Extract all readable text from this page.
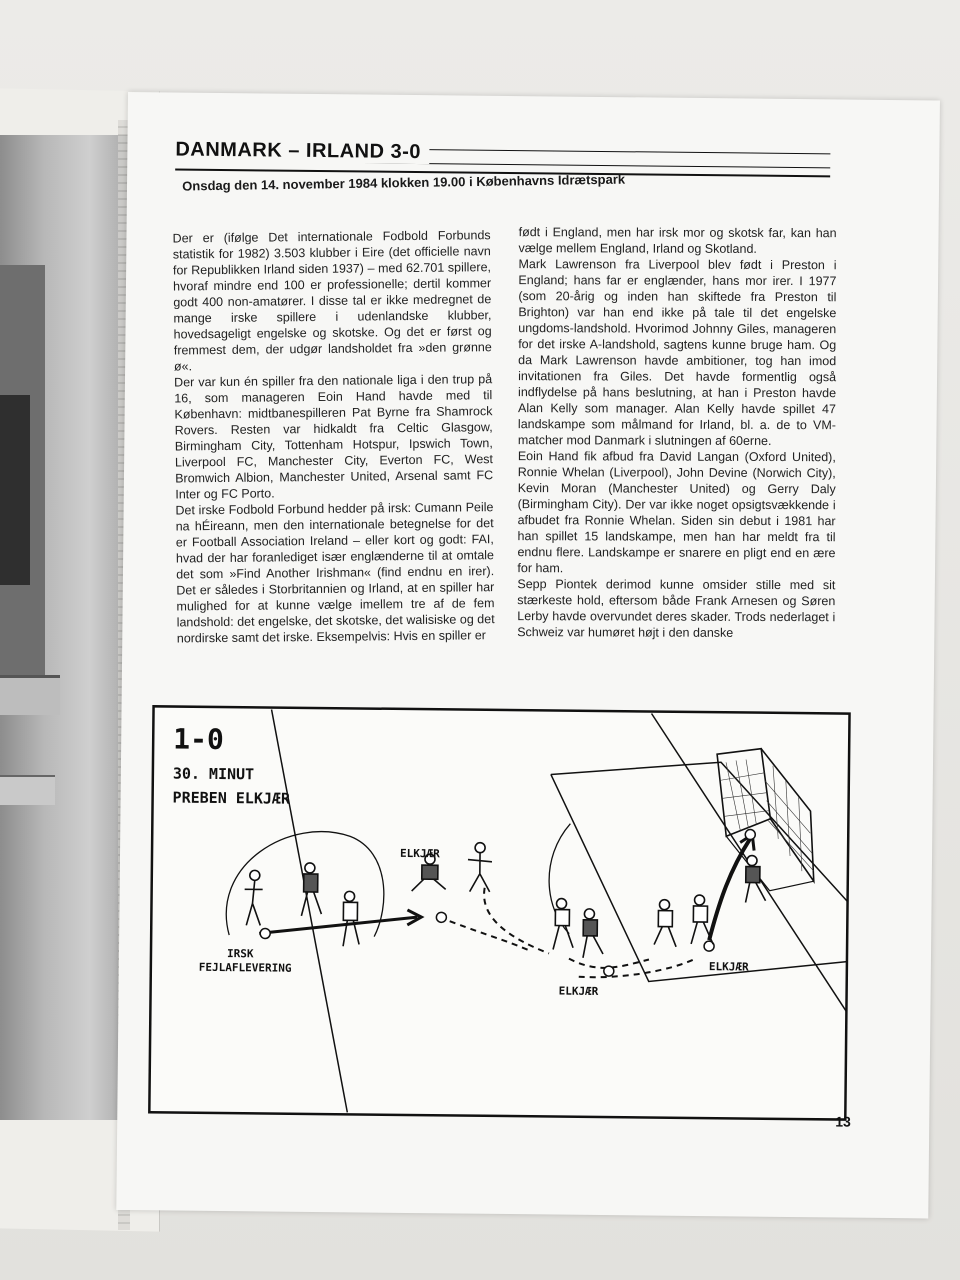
DANMARK – IRLAND 3-0
Onsdag den 14. november 1984 klokken 19.00 i Københavns Idrætspark

Der er (ifølge Det internationale Fodbold Forbunds statistik for 1982) 3.503 klubber i Eire (det officielle navn for Republikken Irland siden 1937) – med 62.701 spillere, hvoraf mindre end 100 er professionelle; dertil kommer godt 400 non-amatører. I disse tal er ikke medregnet de mange irske spillere i udenlandske klubber, hovedsageligt engelske og skotske. Og det er først og fremmest dem, der udgør landsholdet fra »den grønne ø«.

Der var kun én spiller fra den nationale liga i den trup på 16, som manageren Eoin Hand havde med til København: midtbanespilleren Pat Byrne fra Shamrock Rovers. Resten var hidkaldt fra Celtic Glasgow, Birmingham City, Tottenham Hotspur, Ipswich Town, Liverpool FC, Manchester City, Everton FC, West Bromwich Albion, Manchester United, Arsenal samt FC Inter og FC Porto.

Det irske Fodbold Forbund hedder på irsk: Cumann Peile na hÉireann, men den internationale betegnelse for det er Football Association Ireland – eller kort og godt: FAI, hvad der har foranlediget især englænderne til at omtale det som »Find Another Irishman« (find endnu en irer). Det er således i Storbritannien og Irland, at en spiller har mulighed for at kunne vælge imellem tre af de fem landshold: det engelske, det skotske, det walisiske og det nordirske samt det irske. Eksempelvis: Hvis en spiller er

født i England, men har irsk mor og skotsk far, kan han vælge mellem England, Irland og Skotland.

Mark Lawrenson fra Liverpool blev født i Preston i England; hans far er englænder, hans mor irer. I 1977 (som 20-årig og inden han skiftede fra Preston til Brighton) var han end ikke på tale til det engelske ungdoms-landshold. Hvorimod Johnny Giles, manageren for det irske A-landshold, sagtens kunne bruge ham. Og da Mark Lawrenson havde ambitioner, tog han imod invitationen fra Giles. Det havde formentlig også indflydelse på hans beslutning, at han i Preston havde Alan Kelly som manager. Alan Kelly havde spillet 47 landskampe som målmand for Irland, bl. a. de to VM-matcher mod Danmark i slutningen af 60erne.

Eoin Hand fik afbud fra David Langan (Oxford United), Ronnie Whelan (Liverpool), John Devine (Norwich City), Kevin Moran (Manchester United) og Gerry Daly (Birmingham City). Der var ikke noget opsigtsvækkende i afbudet fra Ronnie Whelan. Siden sin debut i 1981 har han spillet 15 landskampe, men han har meldt fra til endnu flere. Landskampe er snarere en pligt end en ære for ham.

Sepp Piontek derimod kunne omsider stille med sit stærkeste hold, eftersom både Frank Arnesen og Søren Lerby havde overvundet deres skader. Trods nederlaget i Schweiz var humøret højt i den danske

1-0
30. MINUT
PREBEN ELKJÆR
IRSK
FEJLAFLEVERING
ELKJÆR
ELKJÆR
ELKJÆR
13
